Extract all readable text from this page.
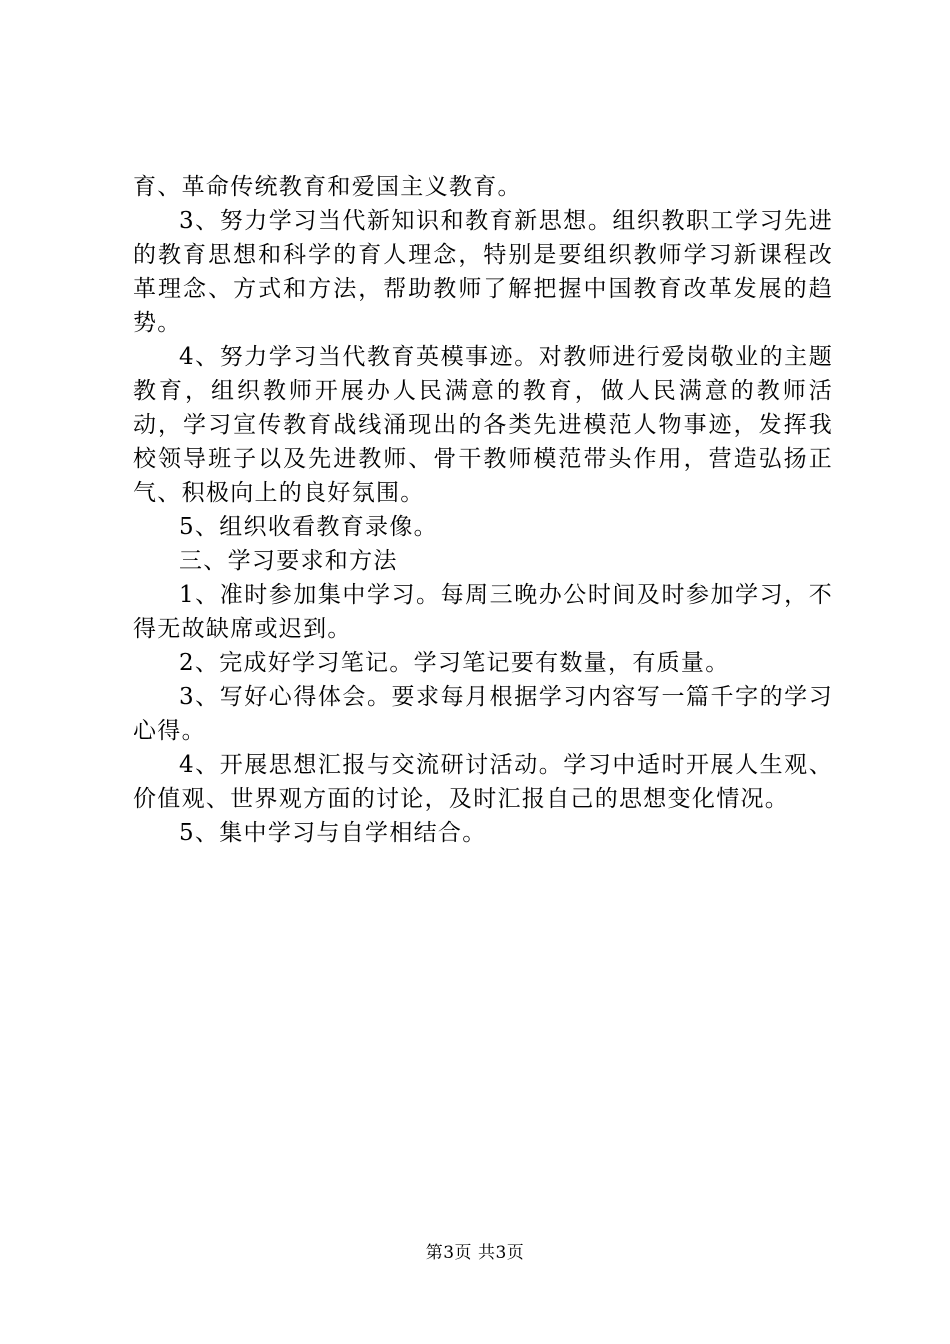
育、革命传统教育和爱国主义教育。

3、努力学习当代新知识和教育新思想。组织教职工学习先进的教育思想和科学的育人理念，特别是要组织教师学习新课程改革理念、方式和方法，帮助教师了解把握中国教育改革发展的趋势。

4、努力学习当代教育英模事迹。对教师进行爱岗敬业的主题教育，组织教师开展办人民满意的教育，做人民满意的教师活动，学习宣传教育战线涌现出的各类先进模范人物事迹，发挥我校领导班子以及先进教师、骨干教师模范带头作用，营造弘扬正气、积极向上的良好氛围。

5、组织收看教育录像。

三、学习要求和方法

1、准时参加集中学习。每周三晚办公时间及时参加学习，不得无故缺席或迟到。

2、完成好学习笔记。学习笔记要有数量，有质量。

3、写好心得体会。要求每月根据学习内容写一篇千字的学习心得。

4、开展思想汇报与交流研讨活动。学习中适时开展人生观、价值观、世界观方面的讨论，及时汇报自己的思想变化情况。

5、集中学习与自学相结合。

第3页 共3页
